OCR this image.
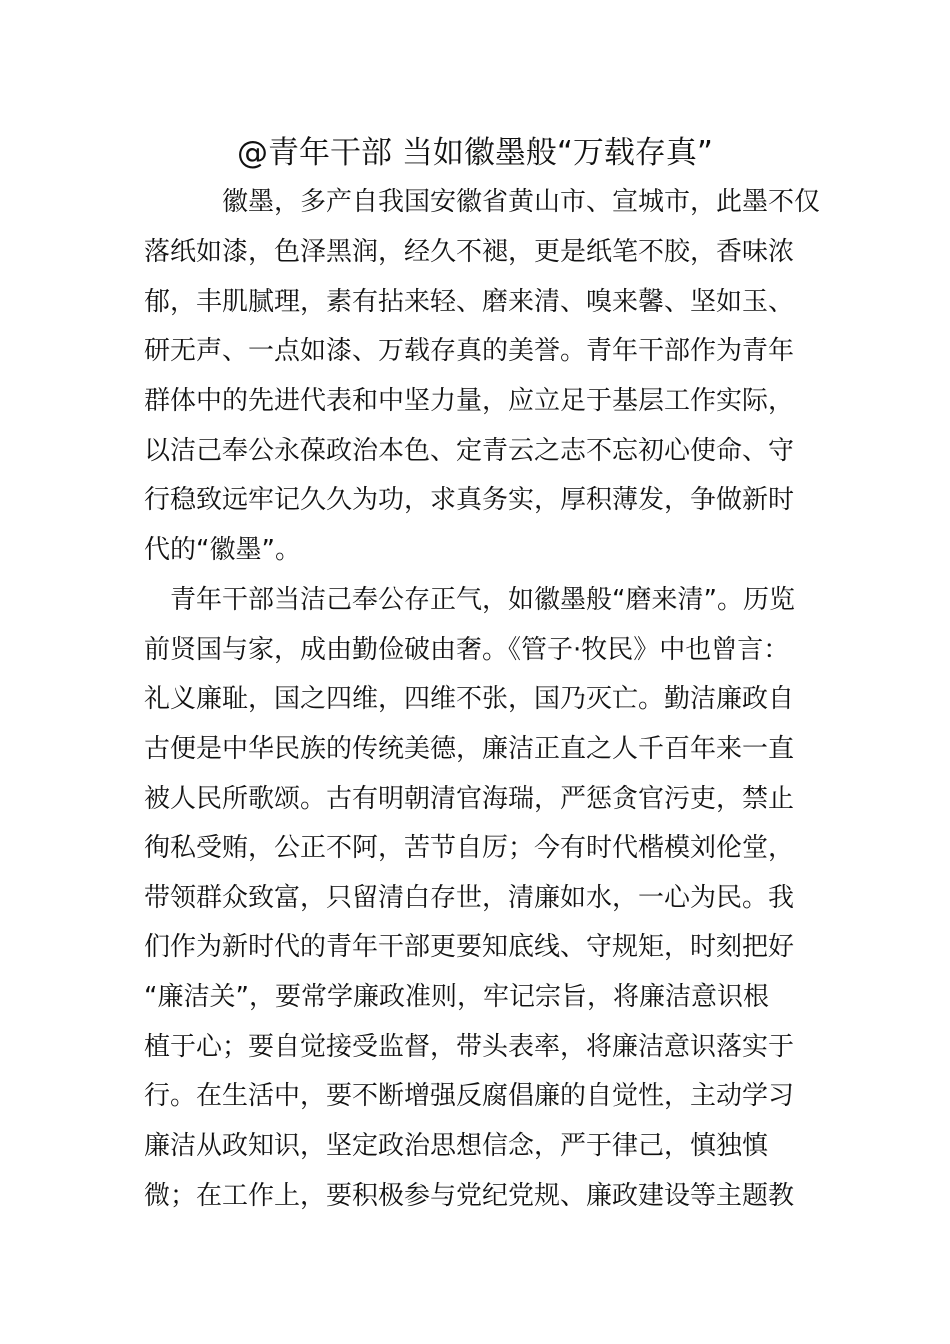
@青年干部 当如徽墨般“万载存真”
徽墨，多产自我国安徽省黄山市、宣城市，此墨不仅
落纸如漆，色泽黑润，经久不褪，更是纸笔不胶，香味浓
郁，丰肌腻理，素有拈来轻、磨来清、嗅来馨、坚如玉、
研无声、一点如漆、万载存真的美誉。青年干部作为青年
群体中的先进代表和中坚力量，应立足于基层工作实际，
以洁己奉公永葆政治本色、定青云之志不忘初心使命、守
行稳致远牢记久久为功，求真务实，厚积薄发，争做新时
代的“徽墨”。
青年干部当洁己奉公存正气，如徽墨般“磨来清”。历览
前贤国与家，成由勤俭破由奢。《管子·牧民》中也曾言：
礼义廉耻，国之四维，四维不张，国乃灭亡。勤洁廉政自
古便是中华民族的传统美德，廉洁正直之人千百年来一直
被人民所歌颂。古有明朝清官海瑞，严惩贪官污吏，禁止
徇私受贿，公正不阿，苦节自厉；今有时代楷模刘伦堂，
带领群众致富，只留清白存世，清廉如水，一心为民。我
们作为新时代的青年干部更要知底线、守规矩，时刻把好
“廉洁关”，要常学廉政准则，牢记宗旨，将廉洁意识根
植于心；要自觉接受监督，带头表率，将廉洁意识落实于
行。在生活中，要不断增强反腐倡廉的自觉性，主动学习
廉洁从政知识，坚定政治思想信念，严于律己，慎独慎
微；在工作上，要积极参与党纪党规、廉政建设等主题教
